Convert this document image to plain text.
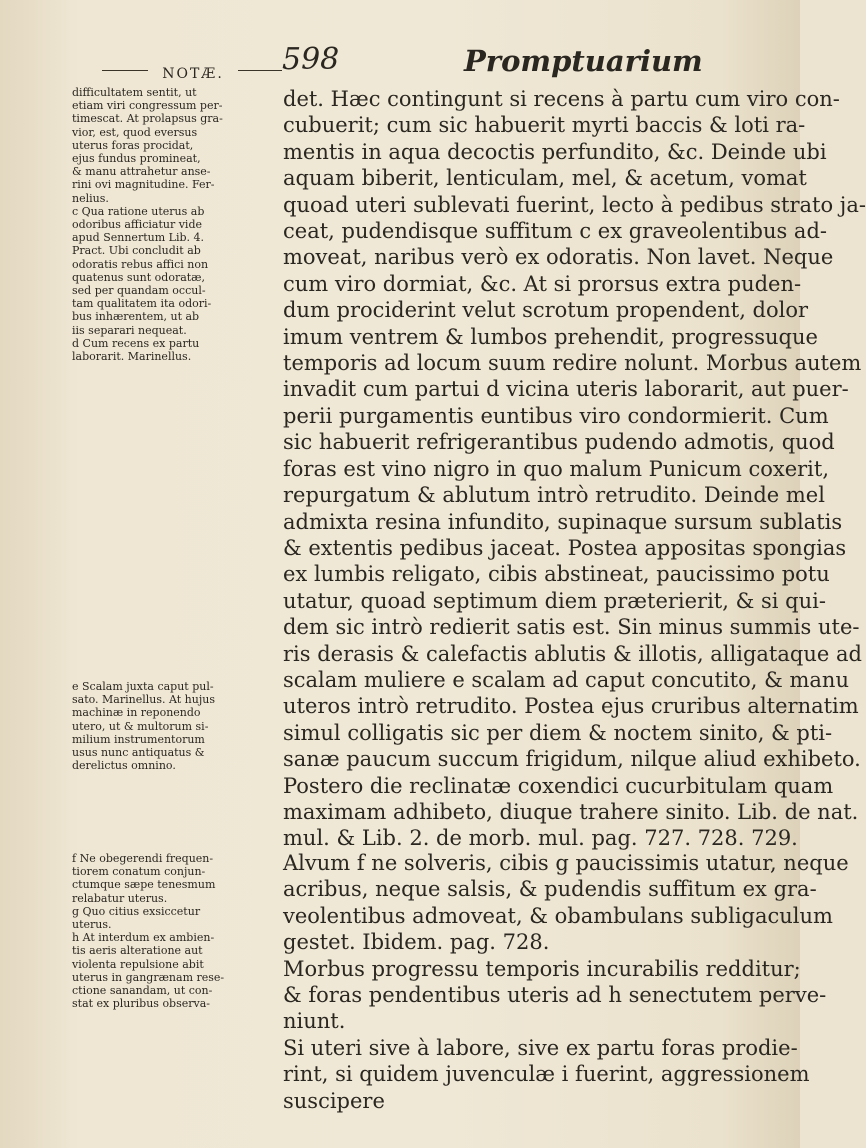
NOTÆ.	598	Promptuarium
difficultatem sentit, ut
etiam viri congressum per-
timescat. At prolapsus gra-
vior, est, quod eversus
uterus foras procidat,
ejus fundus promineat,
& manu attrahetur anse-
rini ovi magnitudine. Fer-
nelius.
c Qua ratione uterus ab
odoribus afficiatur vide
apud Sennertum Lib. 4.
Pract. Ubi concludit ab
odoratis rebus affici non
quatenus sunt odoratæ,
sed per quandam occul-
tam qualitatem ita odori-
bus inhærentem, ut ab
iis separari nequeat.
d Cum recens ex partu
laborarit. Marinellus.
e Scalam juxta caput pul-
sato. Marinellus. At hujus
machinæ in reponendo
utero, ut & multorum si-
milium instrumentorum
usus nunc antiquatus &
derelictus omnino.
f Ne obegerendi frequen-
tiorem conatum conjun-
ctumque sæpe tenesmum
relabatur uterus.
g Quo citius exsiccetur
uterus.
h At interdum ex ambien-
tis aeris alteratione aut
violenta repulsione abit
uterus in gangrænam rese-
ctione sanandam, ut con-
stat ex pluribus observa-
det. Hæc contingunt si recens à partu cum viro con-
cubuerit; cum sic habuerit myrti baccis & loti ra-
mentis in aqua decoctis perfundito, &c. Deinde ubi
aquam biberit, lenticulam, mel, & acetum, vomat
quoad uteri sublevati fuerint, lecto à pedibus strato ja-
ceat, pudendisque suffitum c ex graveolentibus ad-
moveat, naribus verò ex odoratis. Non lavet. Neque
cum viro dormiat, &c. At si prorsus extra puden-
dum prociderint velut scrotum propendent, dolor
imum ventrem & lumbos prehendit, progressuque
temporis ad locum suum redire nolunt. Morbus autem
invadit cum partui d vicina uteris laborarit, aut puer-
perii purgamentis euntibus viro condormierit. Cum
sic habuerit refrigerantibus pudendo admotis, quod
foras est vino nigro in quo malum Punicum coxerit,
repurgatum & ablutum intrò retrudito. Deinde mel
admixta resina infundito, supinaque sursum sublatis
& extentis pedibus jaceat. Postea appositas spongias
ex lumbis religato, cibis abstineat, paucissimo potu
utatur, quoad septimum diem præterierit, & si qui-
dem sic intrò redierit satis est. Sin minus summis ute-
ris derasis & calefactis ablutis & illotis, alligataque ad
scalam muliere e scalam ad caput concutito, & manu
uteros intrò retrudito. Postea ejus cruribus alternatim
simul colligatis sic per diem & noctem sinito, & pti-
sanæ paucum succum frigidum, nilque aliud exhibeto.
Postero die reclinatæ coxendici cucurbitulam quam
maximam adhibeto, diuque trahere sinito. Lib. de nat.
mul. & Lib. 2. de morb. mul. pag. 727. 728. 729.
Alvum f ne solveris, cibis g paucissimis utatur, neque
acribus, neque salsis, & pudendis suffitum ex gra-
veolentibus admoveat, & obambulans subligaculum
gestet. Ibidem. pag. 728.
Morbus progressu temporis incurabilis redditur;
& foras pendentibus uteris ad h senectutem perve-
niunt.
Si uteri sive à labore, sive ex partu foras prodie-
rint, si quidem juvenculæ i fuerint, aggressionem
suscipere
